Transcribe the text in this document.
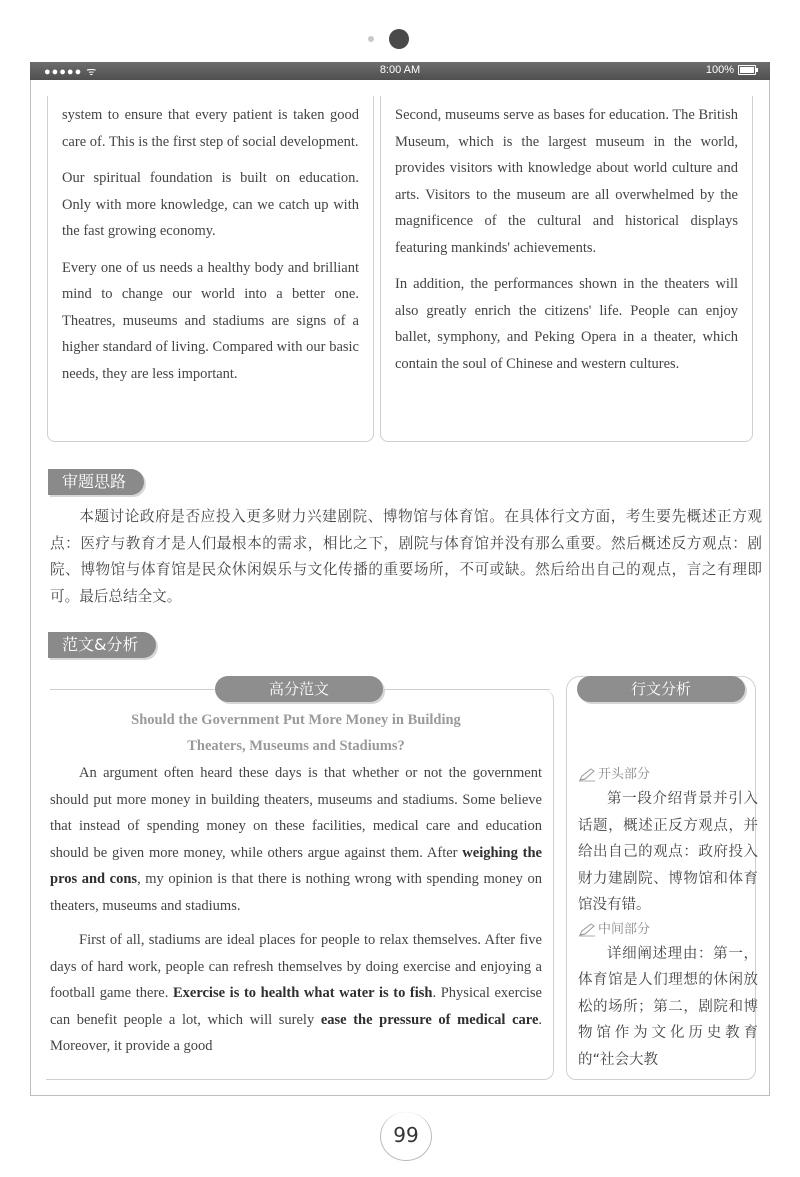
●●●●● ᯤ	8:00 AM	100%

system to ensure that every patient is taken good care of. This is the first step of social development.

Our spiritual foundation is built on education. Only with more knowledge, can we catch up with the fast growing economy.

Every one of us needs a healthy body and brilliant mind to change our world into a better one. Theatres, museums and stadiums are signs of a higher standard of living. Compared with our basic needs, they are less important.

Second, museums serve as bases for education. The British Museum, which is the largest museum in the world, provides visitors with knowledge about world culture and arts. Visitors to the museum are all overwhelmed by the magnificence of the cultural and historical displays featuring mankinds' achievements.

In addition, the performances shown in the theaters will also greatly enrich the citizens' life. People can enjoy ballet, symphony, and Peking Opera in a theater, which contain the soul of Chinese and western cultures.

审题思路

本题讨论政府是否应投入更多财力兴建剧院、博物馆与体育馆。在具体行文方面，考生要先概述正方观点：医疗与教育才是人们最根本的需求，相比之下，剧院与体育馆并没有那么重要。然后概述反方观点：剧院、博物馆与体育馆是民众休闲娱乐与文化传播的重要场所，不可或缺。然后给出自己的观点，言之有理即可。最后总结全文。

范文&分析
高分范文

Should the Government Put More Money in Building

Theaters, Museums and Stadiums?

An argument often heard these days is that whether or not the government should put more money in building theaters, museums and stadiums. Some believe that instead of spending money on these facilities, medical care and education should be given more money, while others argue against them. After weighing the pros and cons, my opinion is that there is nothing wrong with spending money on theaters, museums and stadiums.

First of all, stadiums are ideal places for people to relax themselves. After five days of hard work, people can refresh themselves by doing exercise and enjoying a football game there. Exercise is to health what water is to fish. Physical exercise can benefit people a lot, which will surely ease the pressure of medical care. Moreover, it provide a good

行文分析
开头部分

第一段介绍背景并引入话题，概述正反方观点，并给出自己的观点：政府投入财力建剧院、博物馆和体育馆没有错。

中间部分

详细阐述理由：第一，体育馆是人们理想的休闲放松的场所；第二，剧院和博物馆作为文化历史教育的“社会大教

99
